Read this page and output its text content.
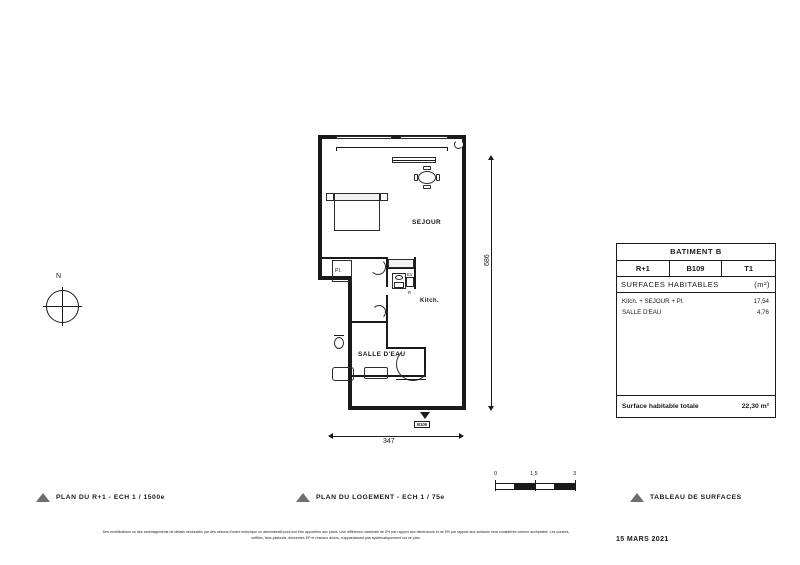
N
Pl.
EV
R
SEJOUR
Kitch.
SALLE D'EAU
B109
686
347
BATIMENT B
R+1	B109	T1
SURFACES HABITABLES	(m²)
Kitch. + SEJOUR + Pl.	17,54
SALLE D'EAU	4,76
Surface habitable totale	22,30 m²
PLAN DU R+1 - ECH 1 / 1500e	PLAN DU LOGEMENT - ECH 1 / 75e	TABLEAU DE SURFACES
0	1,5	3
Des modifications ou des aménagements de détails nécessités par des raisons d'ordre technique ou administratif pourront être apportées aux plans. Une différence maximale de 5% par rapport aux dimensions et de 5% par rapport aux surfaces sera considérée comme acceptable. Les poutres, soffites, faux-plafonds, descentes EP et réseaux divers, n'apparaissant pas systématiquement sur ce plan.	15 MARS 2021
